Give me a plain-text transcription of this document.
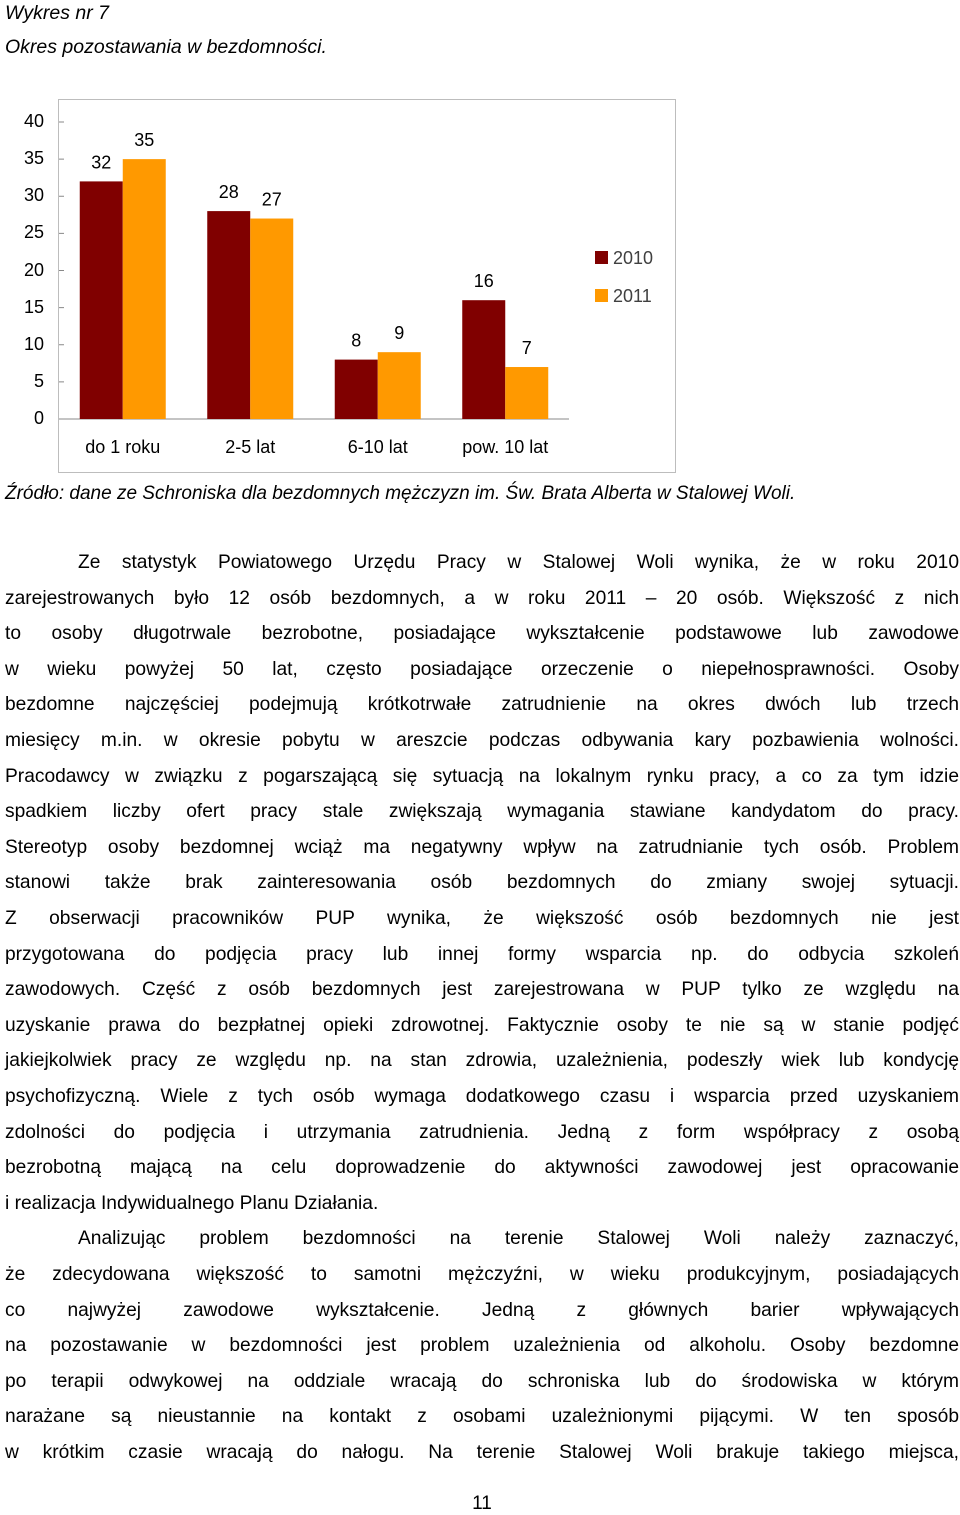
Wykres nr 7
Okres pozostawania w bezdomności.
32
35
do 1 roku
28 27
2-5 lat
8 9
6-10 lat
16
7
pow. 10 lat
2010
2011
Źródło: dane ze Schroniska dla bezdomnych mężczyzn im. Św. Brata Alberta w Stalowej Woli.
Ze statystyk Powiatowego Urzędu Pracy w Stalowej Woli wynika, że w roku 2010
zarejestrowanych było 12 osób bezdomnych, a w roku 2011 – 20 osób. Większość z nich
to osoby długotrwale bezrobotne, posiadające wykształcenie podstawowe lub zawodowe
w wieku powyżej 50 lat, często posiadające orzeczenie o niepełnosprawności. Osoby
bezdomne najczęściej podejmują krótkotrwałe zatrudnienie na okres dwóch lub trzech
miesięcy m.in. w okresie pobytu w areszcie podczas odbywania kary pozbawienia wolności.
Pracodawcy w związku z pogarszającą się sytuacją na lokalnym rynku pracy, a co za tym idzie
spadkiem liczby ofert pracy stale zwiększają wymagania stawiane kandydatom do pracy.
Stereotyp osoby bezdomnej wciąż ma negatywny wpływ na zatrudnianie tych osób. Problem
stanowi także brak zainteresowania osób bezdomnych do zmiany swojej sytuacji.
Z obserwacji pracowników PUP wynika, że większość osób bezdomnych nie jest
przygotowana do podjęcia pracy lub innej formy wsparcia np. do odbycia szkoleń
zawodowych. Część z osób bezdomnych jest zarejestrowana w PUP tylko ze względu na
uzyskanie prawa do bezpłatnej opieki zdrowotnej. Faktycznie osoby te nie są w stanie podjęć
jakiejkolwiek pracy ze względu np. na stan zdrowia, uzależnienia, podeszły wiek lub kondycję
psychofizyczną. Wiele z tych osób wymaga dodatkowego czasu i wsparcia przed uzyskaniem
zdolności do podjęcia i utrzymania zatrudnienia. Jedną z form współpracy z osobą
bezrobotną mającą na celu doprowadzenie do aktywności zawodowej jest opracowanie
i realizacja Indywidualnego Planu Działania.
Analizując problem bezdomności na terenie Stalowej Woli należy zaznaczyć,
że zdecydowana większość to samotni mężczyźni, w wieku produkcyjnym, posiadających
co najwyżej zawodowe wykształcenie. Jedną z głównych barier wpływających
na pozostawanie w bezdomności jest problem uzależnienia od alkoholu. Osoby bezdomne
po terapii odwykowej na oddziale wracają do schroniska lub do środowiska w którym
narażane są nieustannie na kontakt z osobami uzależnionymi pijącymi. W ten sposób
w krótkim czasie wracają do nałogu. Na terenie Stalowej Woli brakuje takiego miejsca,
11
0
5
10
15
20
25
30
35
40
